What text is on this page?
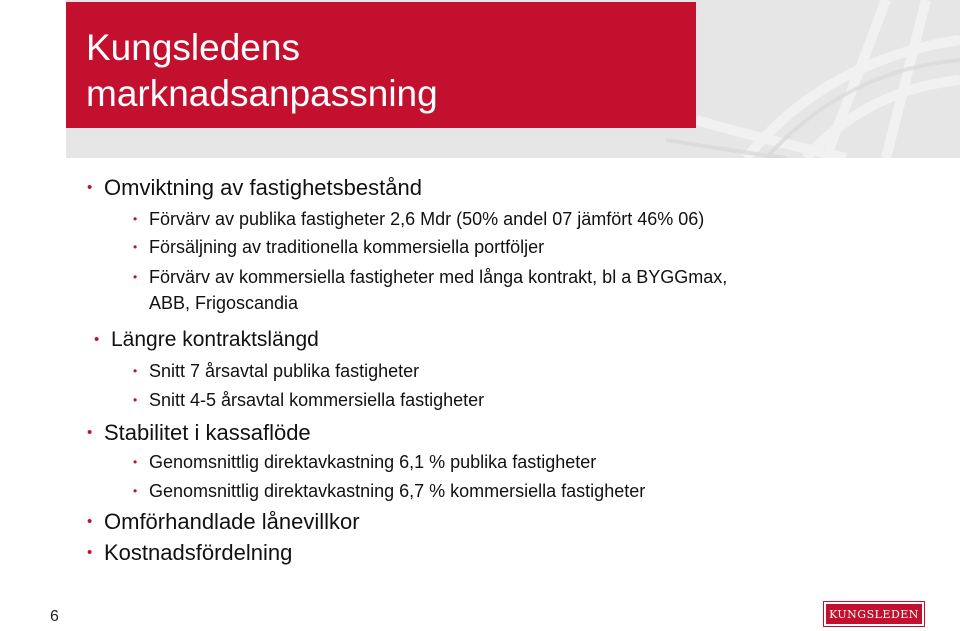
Kungsledens
marknadsanpassning
• Omviktning av fastighetsbestånd
• Förvärv av publika fastigheter 2,6 Mdr (50% andel 07 jämfört 46% 06)
• Försäljning av traditionella kommersiella portföljer
• Förvärv av kommersiella fastigheter med långa kontrakt, bl a BYGGmax,
ABB, Frigoscandia
• Längre kontraktslängd
• Snitt 7 årsavtal publika fastigheter
• Snitt 4-5 årsavtal kommersiella fastigheter
• Stabilitet i kassaflöde
• Genomsnittlig direktavkastning 6,1 % publika fastigheter
• Genomsnittlig direktavkastning 6,7 % kommersiella fastigheter
• Omförhandlade lånevillkor
• Kostnadsfördelning
6	KUNGSLEDEN
